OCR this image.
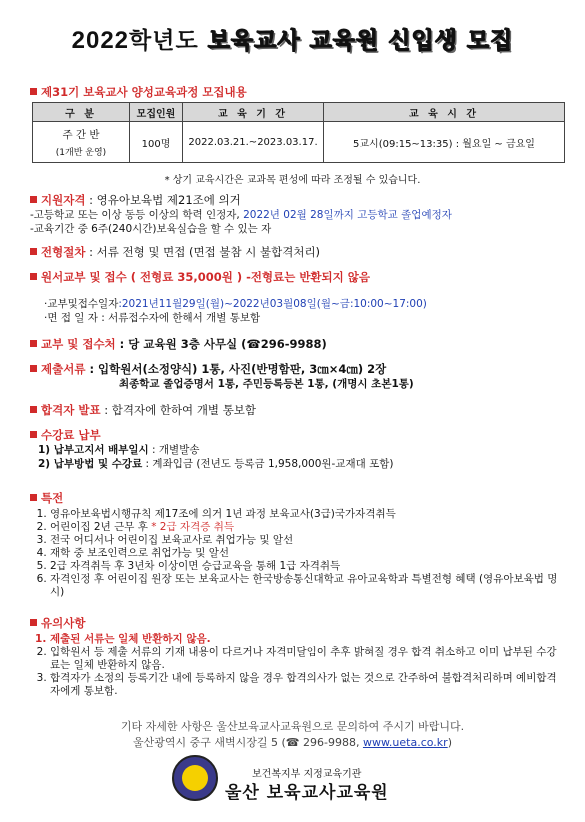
2022학년도 보육교사 교육원 신입생 모집
제31기 보육교사 양성교육과정 모집내용
구 분	모집인원	교 육 기 간	교 육 시 간

주 간 반
(1개반 운영)	100명	2022.03.21.~2023.03.17.	5교시(09:15~13:35) : 월요일 ~ 금요일
* 상기 교육시간은 교과목 편성에 따라 조정될 수 있습니다.
지원자격 : 영유아보육법 제21조에 의거
-고등학교 또는 이상 동등 이상의 학력 인정자, 2022년 02월 28일까지 고등학교 졸업예정자
-교육기간 중 6주(240시간)보육실습을 할 수 있는 자
전형절차 : 서류 전형 및 면접 (면접 불참 시 불합격처리)
원서교부 및 접수 ( 전형료 35,000원 ) -전형료는 반환되지 않음
·교부및접수일자:2021년11월29일(월)~2022년03월08일(월~금:10:00~17:00)
·면 접 일 자 : 서류접수자에 한해서 개별 통보함
교부 및 접수처 : 당 교육원 3층 사무실 (☎296-9988)
제출서류 : 입학원서(소정양식) 1통, 사진(반명함판, 3㎝×4㎝) 2장
최종학교 졸업증명서 1통, 주민등록등본 1통, (개명시 초본1통)
합격자 발표 : 합격자에 한하여 개별 통보함
수강료 납부
1) 납부고지서 배부일시 : 개별발송
2) 납부방법 및 수강료 : 계좌입금 (전년도 등록금 1,958,000원-교재대 포함)
특전
1. 영유아보육법시행규칙 제17조에 의거 1년 과정 보육교사(3급)국가자격취득
2. 어린이집 2년 근무 후 * 2급 자격증 취득
3. 전국 어디서나 어린이집 보육교사로 취업가능 및 알선
4. 재학 중 보조인력으로 취업가능 및 알선
5. 2급 자격취득 후 3년차 이상이면 승급교육을 통해 1급 자격취득
6. 자격인정 후 어린이집 원장 또는 보육교사는 한국방송통신대학교 유아교육학과 특별전형 혜택 (영유아보육법 명시)
유의사항
1. 제출된 서류는 일체 반환하지 않음.
2. 입학원서 등 제출 서류의 기재 내용이 다르거나 자격미달임이 추후 밝혀질 경우 합격 취소하고 이미 납부된 수강료는 일체 반환하지 않음.
3. 합격자가 소정의 등록기간 내에 등록하지 않을 경우 합격의사가 없는 것으로 간주하여 불합격처리하며 예비합격자에게 통보함.
기타 자세한 사항은 울산보육교사교육원으로 문의하여 주시기 바랍니다.
울산광역시 중구 새벽시장길 5 (☎ 296-9988, www.ueta.co.kr)
보건복지부 지정교육기관
울산 보육교사교육원
